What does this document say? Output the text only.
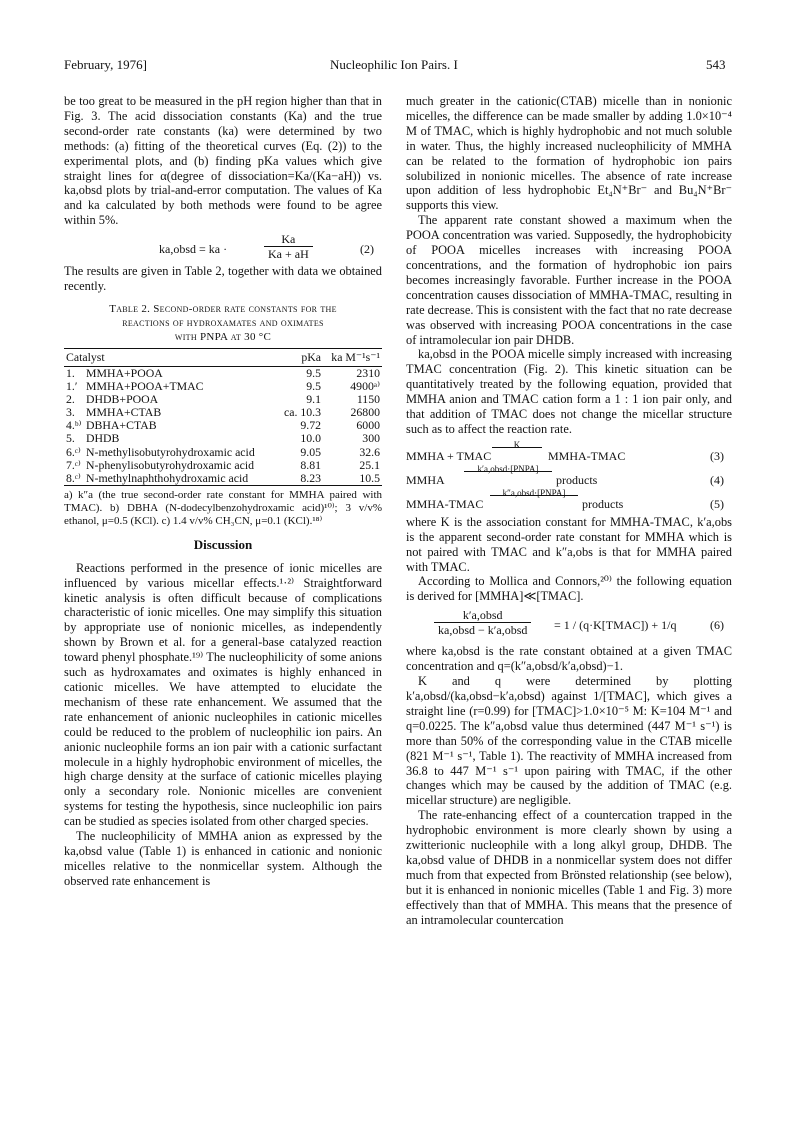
February, 1976]	Nucleophilic Ion Pairs. I	543

be too great to be measured in the pH region higher than that in Fig. 3. The acid dissociation constants (Ka) and the true second-order rate constants (ka) were determined by two methods: (a) fitting of the theoretical curves (Eq. (2)) to the experimental plots, and (b) finding pKa values which give straight lines for α(degree of dissociation=Ka/(Ka−aH)) vs. ka,obsd plots by trial-and-error computation. The values of Ka and ka calculated by both methods were found to be agree within 5%.

ka,obsd = ka ·	$\frac{Ka}{Ka + aH}$	(2)

The results are given in Table 2, together with data we obtained recently.

Table 2. Second-order rate constants for the
reactions of hydroxamates and oximates
with PNPA at 30 °C
Catalyst		pKa	ka M⁻¹s⁻¹
1.	MMHA+POOA	9.5	2310
1.′	MMHA+POOA+TMAC	9.5	4900ᵃ⁾
2.	DHDB+POOA	9.1	1150
3.	MMHA+CTAB	ca. 10.3	26800
4.ᵇ⁾	DBHA+CTAB	9.72	6000
5.	DHDB	10.0	300
6.ᶜ⁾	N-methylisobutyrohydroxamic acid	9.05	32.6
7.ᶜ⁾	N-phenylisobutyrohydroxamic acid	8.81	25.1
8.ᶜ⁾	N-methylnaphthohydroxamic acid	8.23	10.5

a) k″a (the true second-order rate constant for MMHA paired with TMAC). b) DBHA (N-dodecylbenzohydroxamic acid)¹⁰⁾; 3 v/v% ethanol, μ=0.5 (KCl). c) 1.4 v/v% CH₃CN, μ=0.1 (KCl).¹⁸⁾

Discussion

Reactions performed in the presence of ionic micelles are influenced by various micellar effects.¹·²⁾ Straightforward kinetic analysis is often difficult because of complications characteristic of ionic micelles. One may simplify this situation by appropriate use of nonionic micelles, as independently shown by Brown et al. for a general-base catalyzed reaction toward phenyl phosphate.¹⁹⁾ The nucleophilicity of some anions such as hydroxamates and oximates is highly enhanced in cationic micelles. We have attempted to elucidate the mechanism of these rate enhancement. We assumed that the rate enhancement of anionic nucleophiles in cationic micelles could be reduced to the problem of nucleophilic ion pairs. An anionic nucleophile forms an ion pair with a cationic surfactant molecule in a highly hydrophobic environment of micelles, the high charge density at the surface of cationic micelles playing only a secondary role. Nonionic micelles are convenient systems for testing the hypothesis, since nucleophilic ion pairs can be studied as species isolated from other charged species.

The nucleophilicity of MMHA anion as expressed by the ka,obsd value (Table 1) is enhanced in cationic and nonionic micelles relative to the nonmicellar system. Although the observed rate enhancement is

much greater in the cationic(CTAB) micelle than in nonionic micelles, the difference can be made smaller by adding 1.0×10⁻⁴ M of TMAC, which is highly hydrophobic and not much soluble in water. Thus, the highly increased nucleophilicity of MMHA can be related to the formation of hydrophobic ion pairs solubilized in nonionic micelles. The absence of rate increase upon addition of less hydrophobic Et₄N⁺Br⁻ and Bu₄N⁺Br⁻ supports this view.

The apparent rate constant showed a maximum when the POOA concentration was varied. Supposedly, the hydrophobicity of POOA micelles increases with increasing POOA concentrations, and the formation of hydrophobic ion pairs becomes increasingly favorable. Further increase in the POOA concentration causes dissociation of MMHA-TMAC, resulting in rate decrease. This is consistent with the fact that no rate decrease was observed with increasing POOA concentrations in the case of intramolecular ion pair DHDB.

ka,obsd in the POOA micelle simply increased with increasing TMAC concentration (Fig. 2). This kinetic situation can be quantitatively treated by the following equation, provided that MMHA anion and TMAC cation form a 1 : 1 ion pair only, and that addition of TMAC does not change the micellar structure such as to affect the reaction rate.

MMHA + TMAC
K
MMHA-TMAC	(3)
MMHA
k′a,obsd·[PNPA]
products	(4)
MMHA-TMAC
k″a,obsd·[PNPA]
products	(5)

where K is the association constant for MMHA-TMAC, k′a,obs is the apparent second-order rate constant for MMHA which is not paired with TMAC and k″a,obs is that for MMHA paired with TMAC.

According to Mollica and Connors,²⁰⁾ the following equation is derived for [MMHA]≪[TMAC].

k′a,obsd
ka,obsd − k′a,obsd	= 1 / (q·K[TMAC]) + 1/q	(6)

where ka,obsd is the rate constant obtained at a given TMAC concentration and q=(k″a,obsd/k′a,obsd)−1.

K and q were determined by plotting k′a,obsd/(ka,obsd−k′a,obsd) against 1/[TMAC], which gives a straight line (r=0.99) for [TMAC]>1.0×10⁻⁵ M: K=104 M⁻¹ and q=0.0225. The k″a,obsd value thus determined (447 M⁻¹ s⁻¹) is more than 50% of the corresponding value in the CTAB micelle (821 M⁻¹ s⁻¹, Table 1). The reactivity of MMHA increased from 36.8 to 447 M⁻¹ s⁻¹ upon pairing with TMAC, if the other changes which may be caused by the addition of TMAC (e.g. micellar structure) are negligible.

The rate-enhancing effect of a countercation trapped in the hydrophobic environment is more clearly shown by using a zwitterionic nucleophile with a long alkyl group, DHDB. The ka,obsd value of DHDB in a nonmicellar system does not differ much from that expected from Brönsted relationship (see below), but it is enhanced in nonionic micelles (Table 1 and Fig. 3) more effectively than that of MMHA. This means that the presence of an intramolecular countercation
